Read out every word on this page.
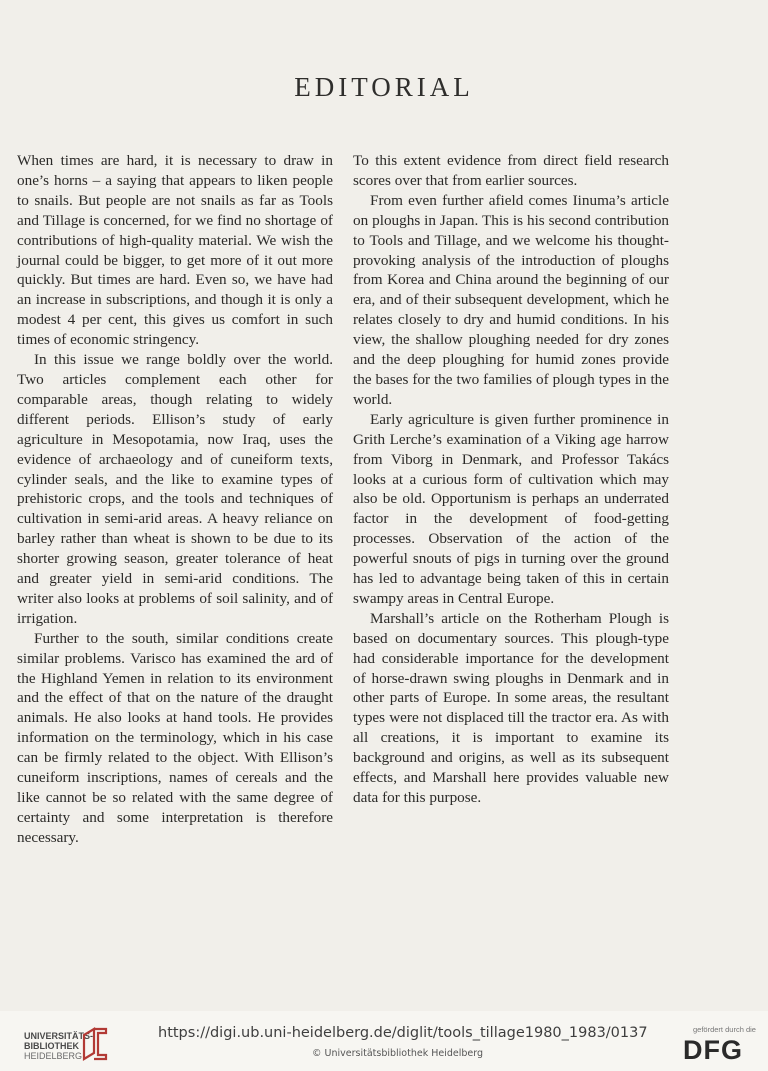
EDITORIAL

When times are hard, it is necessary to draw in one’s horns – a saying that appears to liken people to snails. But people are not snails as far as Tools and Tillage is concerned, for we find no shortage of contributions of high-quality material. We wish the journal could be bigger, to get more of it out more quickly. But times are hard. Even so, we have had an increase in subscriptions, and though it is only a modest 4 per cent, this gives us comfort in such times of economic stringency.

In this issue we range boldly over the world. Two articles complement each other for comparable areas, though relating to widely different periods. Ellison’s study of early agriculture in Mesopotamia, now Iraq, uses the evidence of archaeology and of cuneiform texts, cylinder seals, and the like to examine types of prehistoric crops, and the tools and techniques of cultivation in semi-arid areas. A heavy reliance on barley rather than wheat is shown to be due to its shorter growing season, greater tolerance of heat and greater yield in semi-arid conditions. The writer also looks at problems of soil salinity, and of irrigation.

Further to the south, similar conditions create similar problems. Varisco has examined the ard of the Highland Yemen in relation to its environment and the effect of that on the nature of the draught animals. He also looks at hand tools. He provides information on the terminology, which in his case can be firmly related to the object. With Ellison’s cuneiform inscriptions, names of cereals and the like cannot be so related with the same degree of certainty and some interpretation is therefore necessary.

To this extent evidence from direct field research scores over that from earlier sources.

From even further afield comes Iinuma’s article on ploughs in Japan. This is his second contribution to Tools and Tillage, and we welcome his thought-provoking analysis of the introduction of ploughs from Korea and China around the beginning of our era, and of their subsequent development, which he relates closely to dry and humid conditions. In his view, the shallow ploughing needed for dry zones and the deep ploughing for humid zones provide the bases for the two families of plough types in the world.

Early agriculture is given further prominence in Grith Lerche’s examination of a Viking age harrow from Viborg in Denmark, and Professor Takács looks at a curious form of cultivation which may also be old. Opportunism is perhaps an underrated factor in the development of food-getting processes. Observation of the action of the powerful snouts of pigs in turning over the ground has led to advantage being taken of this in certain swampy areas in Central Europe.

Marshall’s article on the Rotherham Plough is based on documentary sources. This plough-type had considerable importance for the development of horse-drawn swing ploughs in Denmark and in other parts of Europe. In some areas, the resultant types were not displaced till the tractor era. As with all creations, it is important to examine its background and origins, as well as its subsequent effects, and Marshall here provides valuable new data for this purpose.

UNIVERSITÄTS-
BIBLIOTHEK
HEIDELBERG
https://digi.ub.uni-heidelberg.de/diglit/tools_tillage1980_1983/0137
© Universitätsbibliothek Heidelberg
gefördert durch die
DFG
